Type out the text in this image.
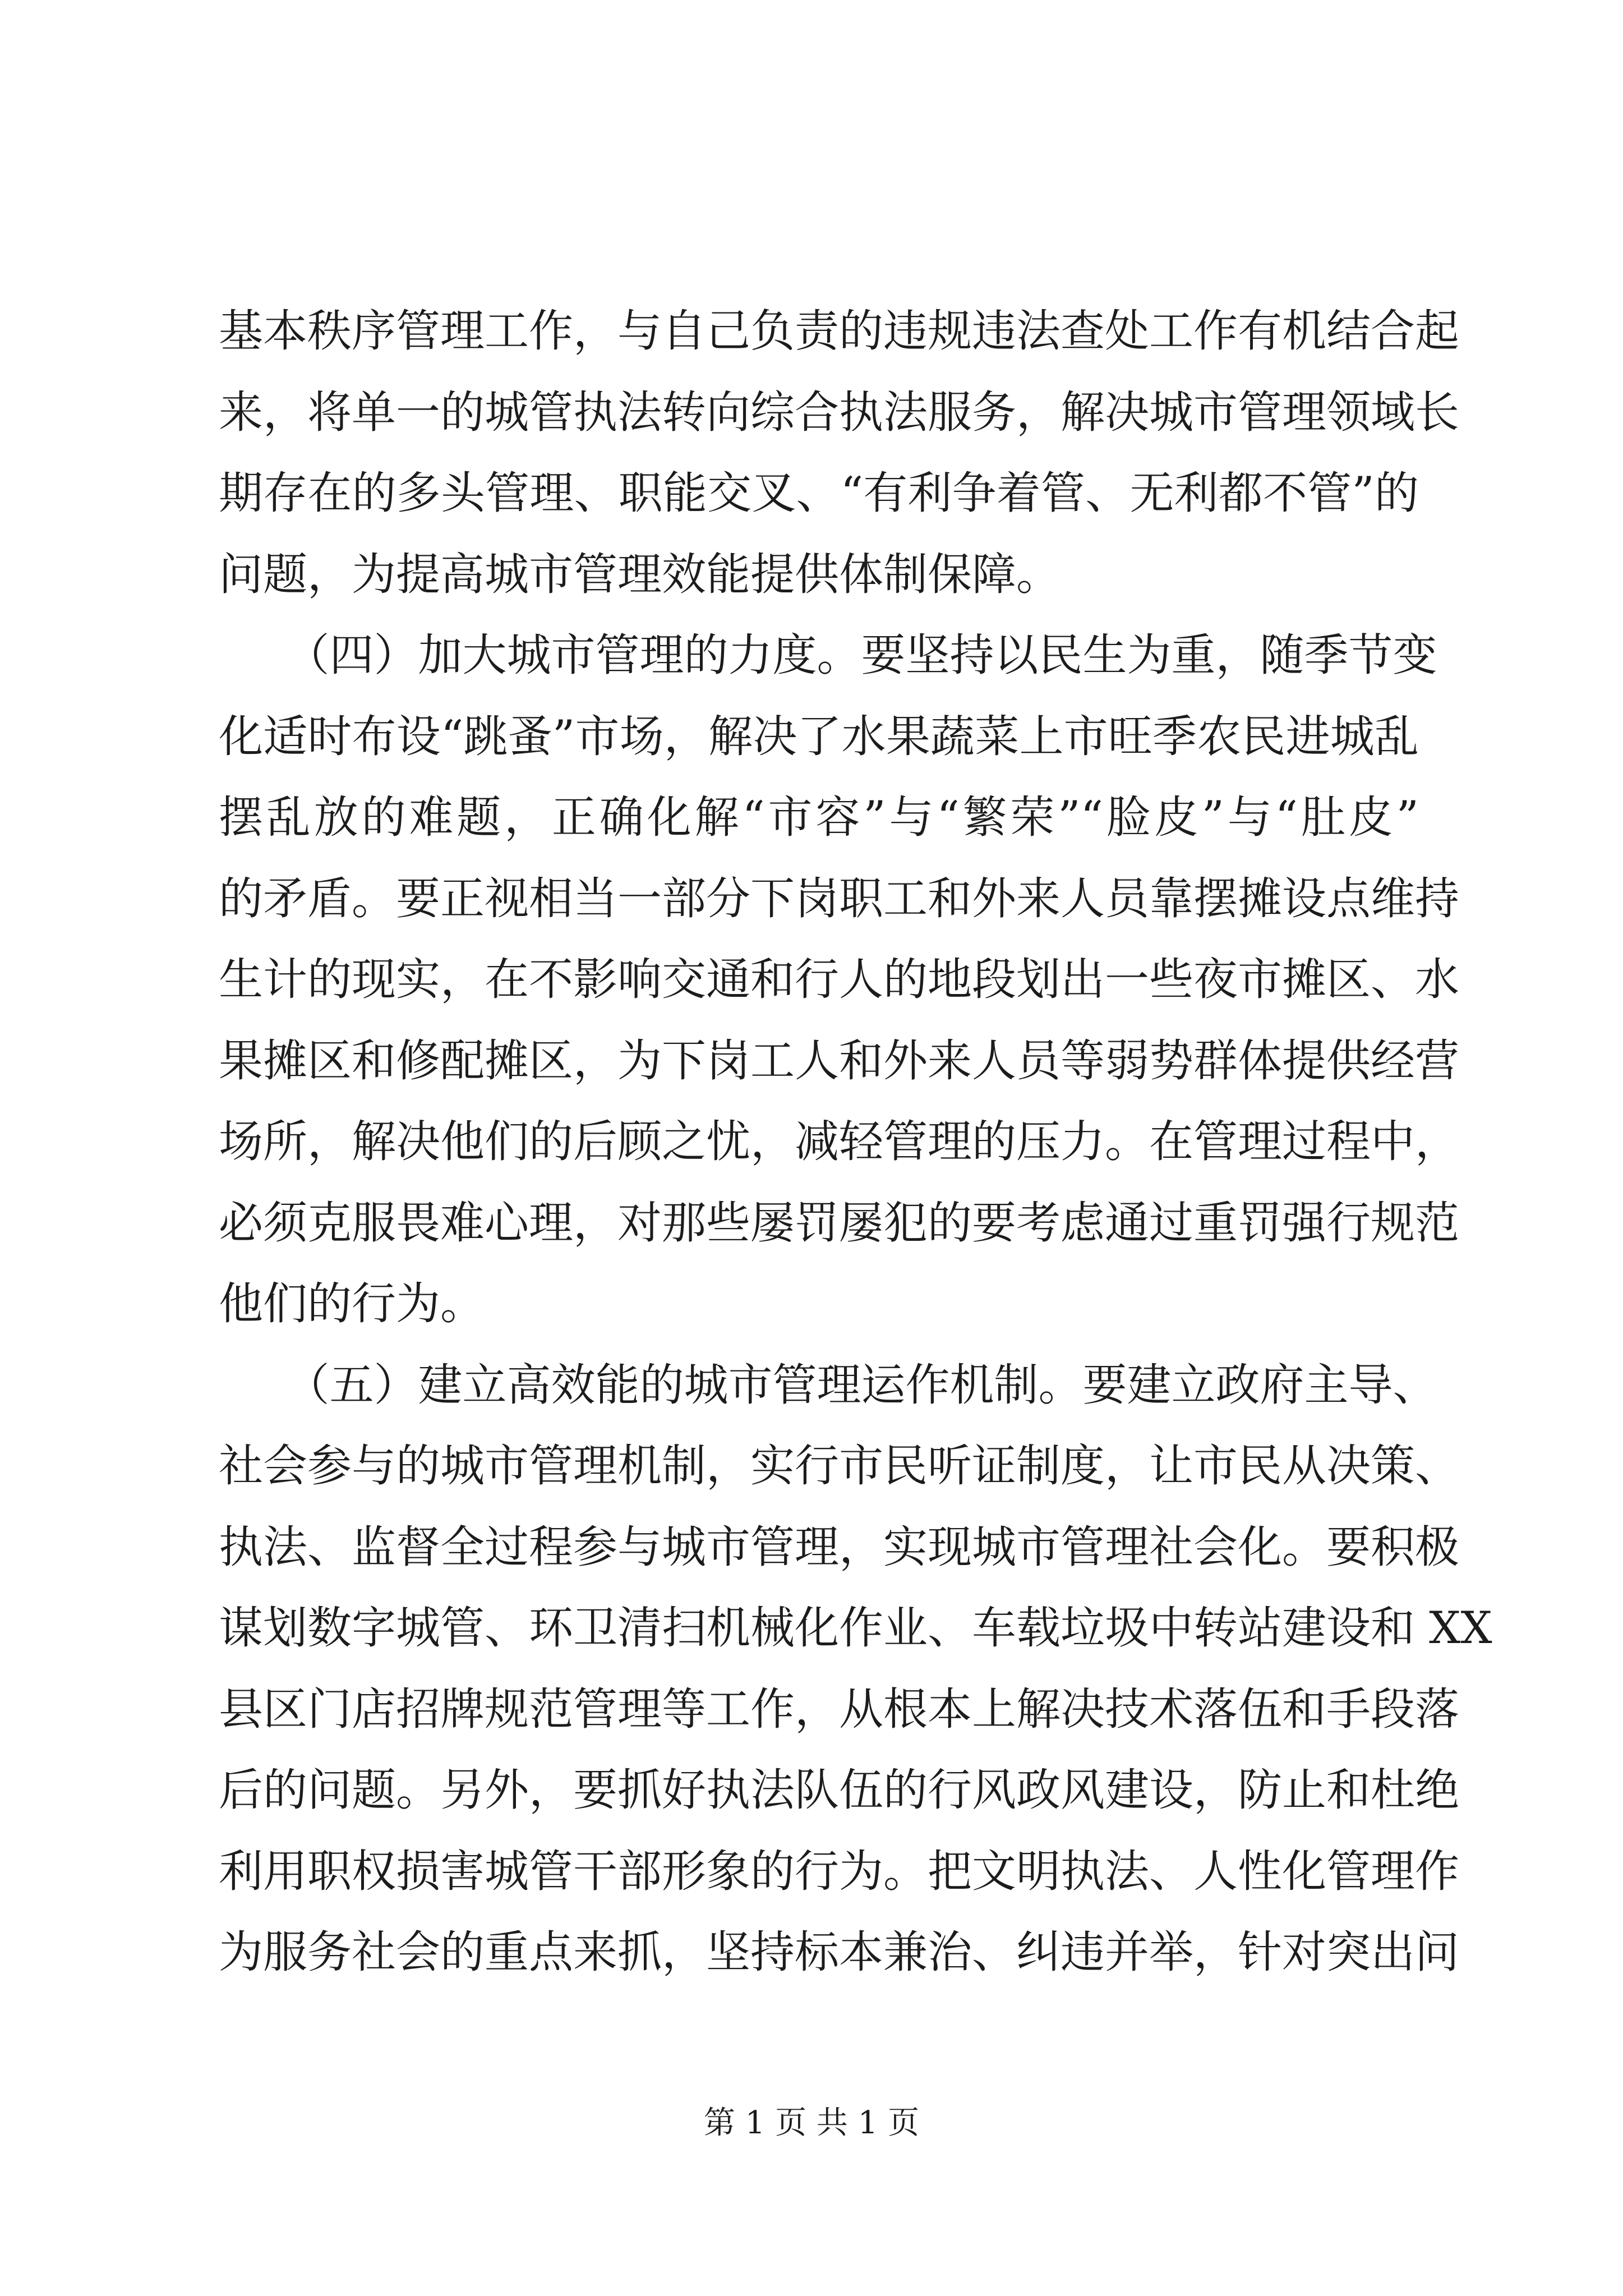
基本秩序管理工作，与自己负责的违规违法查处工作有机结合起
来，将单一的城管执法转向综合执法服务，解决城市管理领域长
期存在的多头管理、职能交叉、“有利争着管、无利都不管”的
问题，为提高城市管理效能提供体制保障。
　　（四）加大城市管理的力度。要坚持以民生为重，随季节变
化适时布设“跳蚤”市场，解决了水果蔬菜上市旺季农民进城乱
摆乱放的难题，正确化解“市容”与“繁荣”“脸皮”与“肚皮”
的矛盾。要正视相当一部分下岗职工和外来人员靠摆摊设点维持
生计的现实，在不影响交通和行人的地段划出一些夜市摊区、水
果摊区和修配摊区，为下岗工人和外来人员等弱势群体提供经营
场所，解决他们的后顾之忧，减轻管理的压力。在管理过程中，
必须克服畏难心理，对那些屡罚屡犯的要考虑通过重罚强行规范
他们的行为。
　　（五）建立高效能的城市管理运作机制。要建立政府主导、
社会参与的城市管理机制，实行市民听证制度，让市民从决策、
执法、监督全过程参与城市管理，实现城市管理社会化。要积极
谋划数字城管、环卫清扫机械化作业、车载垃圾中转站建设和 XX
县区门店招牌规范管理等工作，从根本上解决技术落伍和手段落
后的问题。另外，要抓好执法队伍的行风政风建设，防止和杜绝
利用职权损害城管干部形象的行为。把文明执法、人性化管理作
为服务社会的重点来抓，坚持标本兼治、纠违并举，针对突出问
第 1 页 共 1 页
